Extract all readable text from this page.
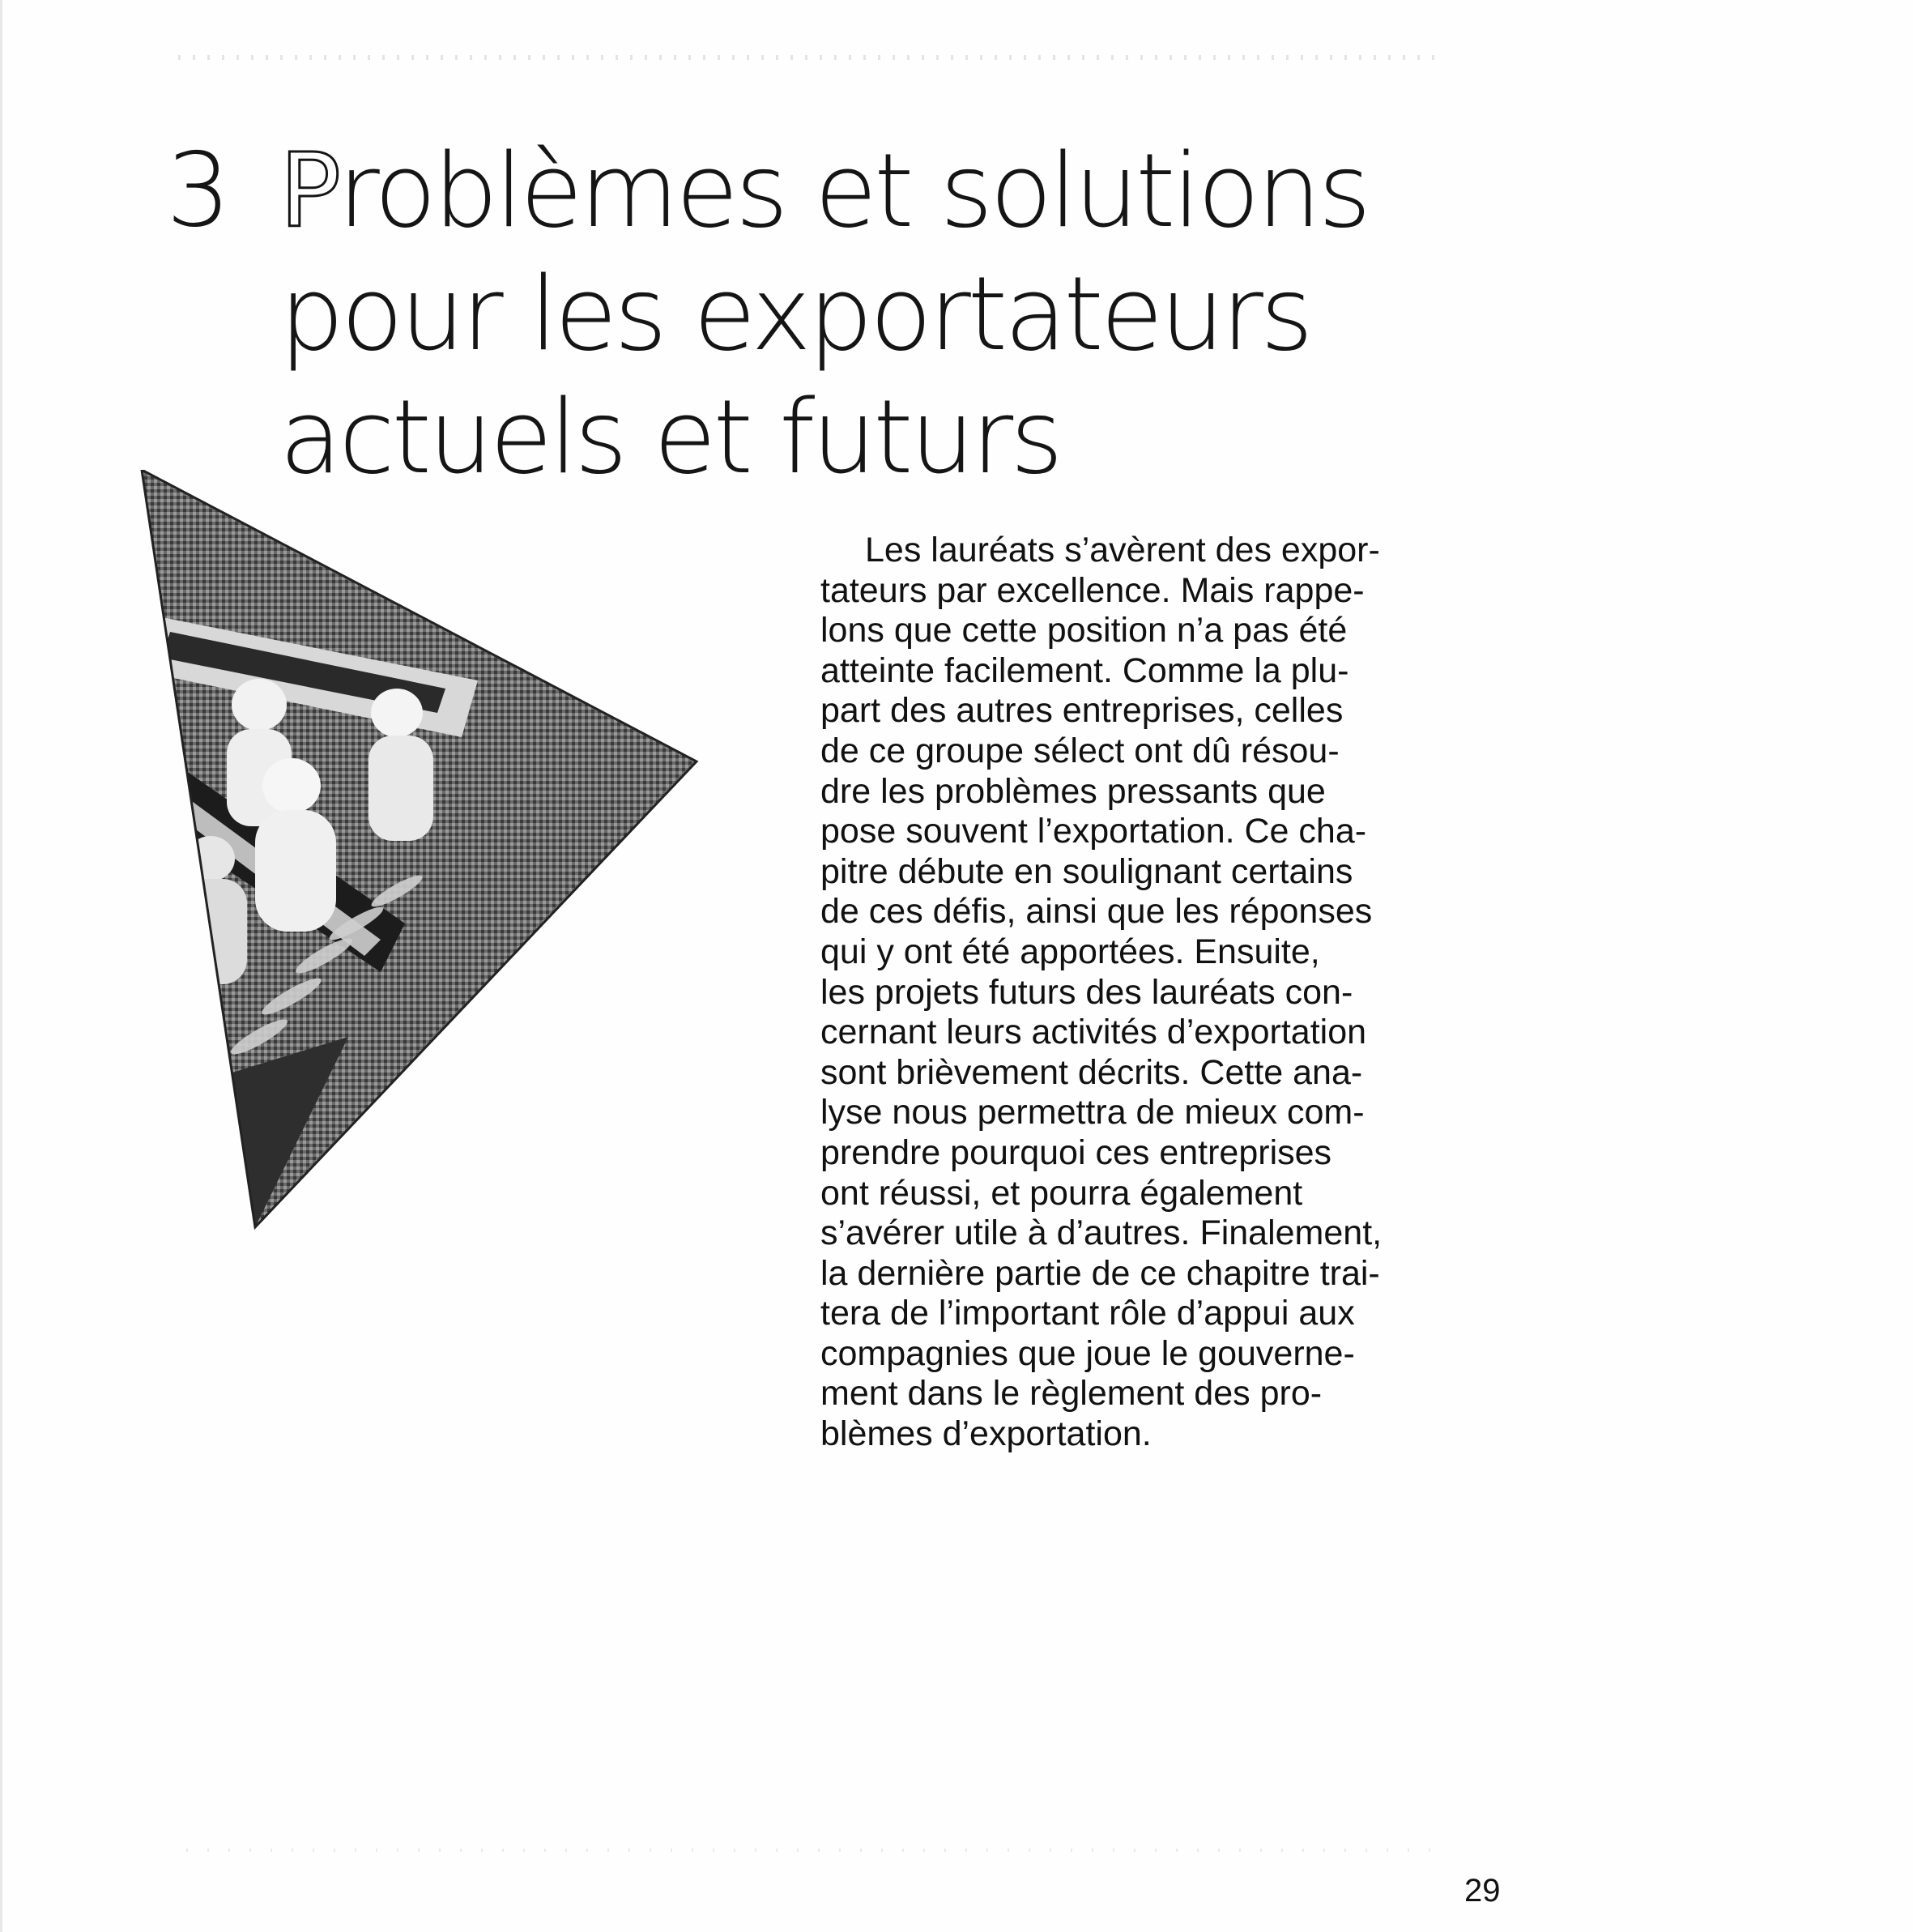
3 Problèmes et solutions
pour les exportateurs
actuels et futurs
Les lauréats s’avèrent des expor-
tateurs par excellence. Mais rappe-
lons que cette position n’a pas été
atteinte facilement. Comme la plu-
part des autres entreprises, celles
de ce groupe sélect ont dû résou-
dre les problèmes pressants que
pose souvent l’exportation. Ce cha-
pitre débute en soulignant certains
de ces défis, ainsi que les réponses
qui y ont été apportées. Ensuite,
les projets futurs des lauréats con-
cernant leurs activités d’exportation
sont brièvement décrits. Cette ana-
lyse nous permettra de mieux com-
prendre pourquoi ces entreprises
ont réussi, et pourra également
s’avérer utile à d’autres. Finalement,
la dernière partie de ce chapitre trai-
tera de l’important rôle d’appui aux
compagnies que joue le gouverne-
ment dans le règlement des pro-
blèmes d’exportation.
29
